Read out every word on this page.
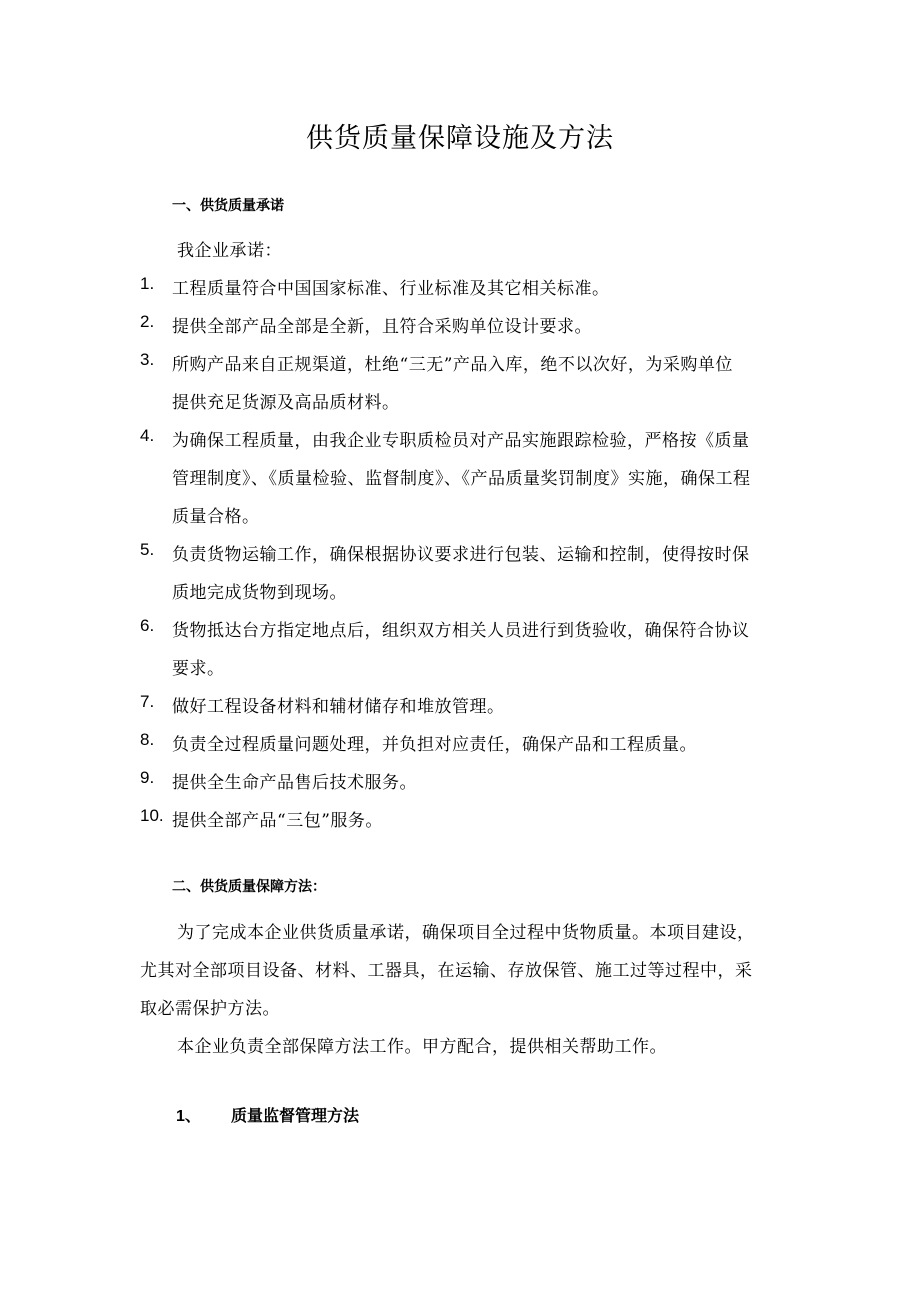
供货质量保障设施及方法
一、供货质量承诺
我企业承诺：
1. 工程质量符合中国国家标准、行业标准及其它相关标准。
2. 提供全部产品全部是全新，且符合采购单位设计要求。
3. 所购产品来自正规渠道，杜绝“三无”产品入库，绝不以次好，为采购单位
提供充足货源及高品质材料。
4. 为确保工程质量，由我企业专职质检员对产品实施跟踪检验，严格按《质量
管理制度》、《质量检验、监督制度》、《产品质量奖罚制度》实施，确保工程
质量合格。
5. 负责货物运输工作，确保根据协议要求进行包装、运输和控制，使得按时保
质地完成货物到现场。
6. 货物抵达台方指定地点后，组织双方相关人员进行到货验收，确保符合协议
要求。
7. 做好工程设备材料和辅材储存和堆放管理。
8. 负责全过程质量问题处理，并负担对应责任，确保产品和工程质量。
9. 提供全生命产品售后技术服务。
10. 提供全部产品“三包”服务。
二、供货质量保障方法：
为了完成本企业供货质量承诺，确保项目全过程中货物质量。本项目建设，
尤其对全部项目设备、材料、工器具，在运输、存放保管、施工过等过程中，采
取必需保护方法。
本企业负责全部保障方法工作。甲方配合，提供相关帮助工作。
1、 质量监督管理方法
